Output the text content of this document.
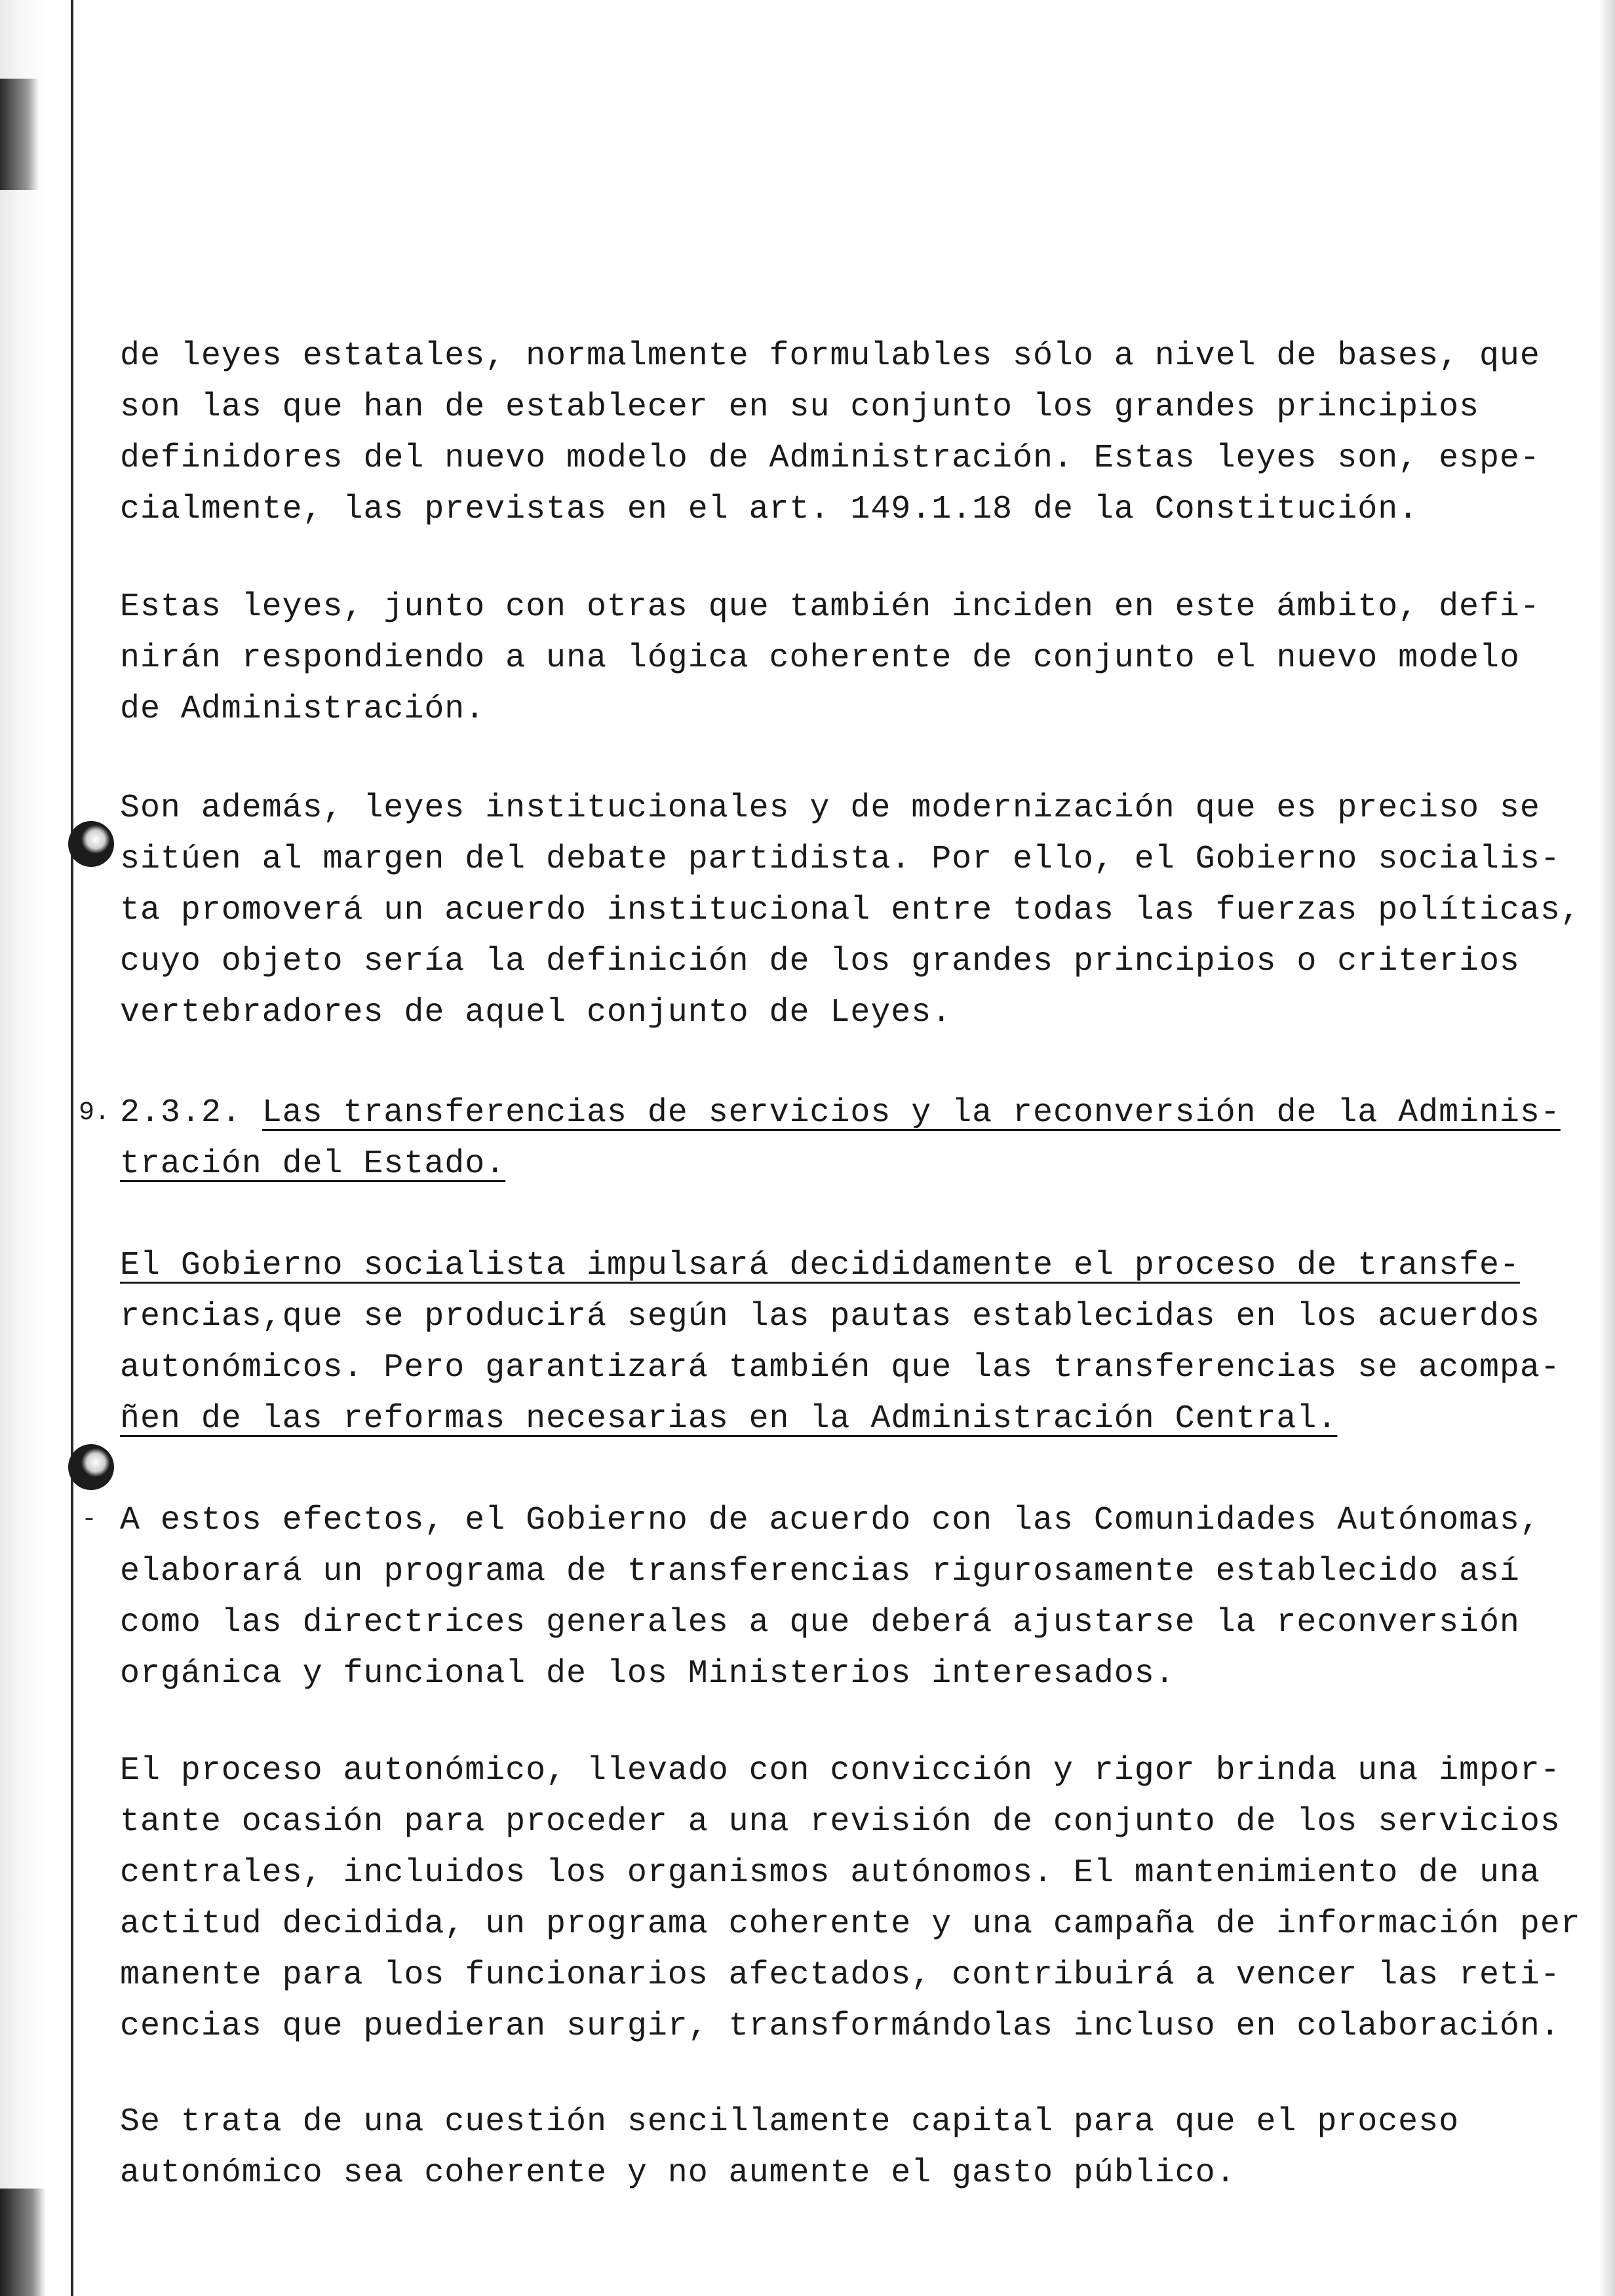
-
de leyes estatales, normalmente formulables sólo a nivel de bases, que
son las que han de establecer en su conjunto los grandes principios
definidores del nuevo modelo de Administración. Estas leyes son, espe-
cialmente, las previstas en el art. 149.1.18 de la Constitución.
Estas leyes, junto con otras que también inciden en este ámbito, defi-
nirán respondiendo a una lógica coherente de conjunto el nuevo modelo
de Administración.
Son además, leyes institucionales y de modernización que es preciso se
sitúen al margen del debate partidista. Por ello, el Gobierno socialis-
ta promoverá un acuerdo institucional entre todas las fuerzas políticas,
cuyo objeto sería la definición de los grandes principios o criterios
vertebradores de aquel conjunto de Leyes.
9. 2.3.2. Las transferencias de servicios y la reconversión de la Adminis-
tración del Estado.
El Gobierno socialista impulsará decididamente el proceso de transfe-
rencias,que se producirá según las pautas establecidas en los acuerdos
autonómicos. Pero garantizará también que las transferencias se acompa-
ñen de las reformas necesarias en la Administración Central.
A estos efectos, el Gobierno de acuerdo con las Comunidades Autónomas,
elaborará un programa de transferencias rigurosamente establecido así
como las directrices generales a que deberá ajustarse la reconversión
orgánica y funcional de los Ministerios interesados.
El proceso autonómico, llevado con convicción y rigor brinda una impor-
tante ocasión para proceder a una revisión de conjunto de los servicios
centrales, incluidos los organismos autónomos. El mantenimiento de una
actitud decidida, un programa coherente y una campaña de información per
manente para los funcionarios afectados, contribuirá a vencer las reti-
cencias que puedieran surgir, transformándolas incluso en colaboración.
Se trata de una cuestión sencillamente capital para que el proceso
autonómico sea coherente y no aumente el gasto público.
